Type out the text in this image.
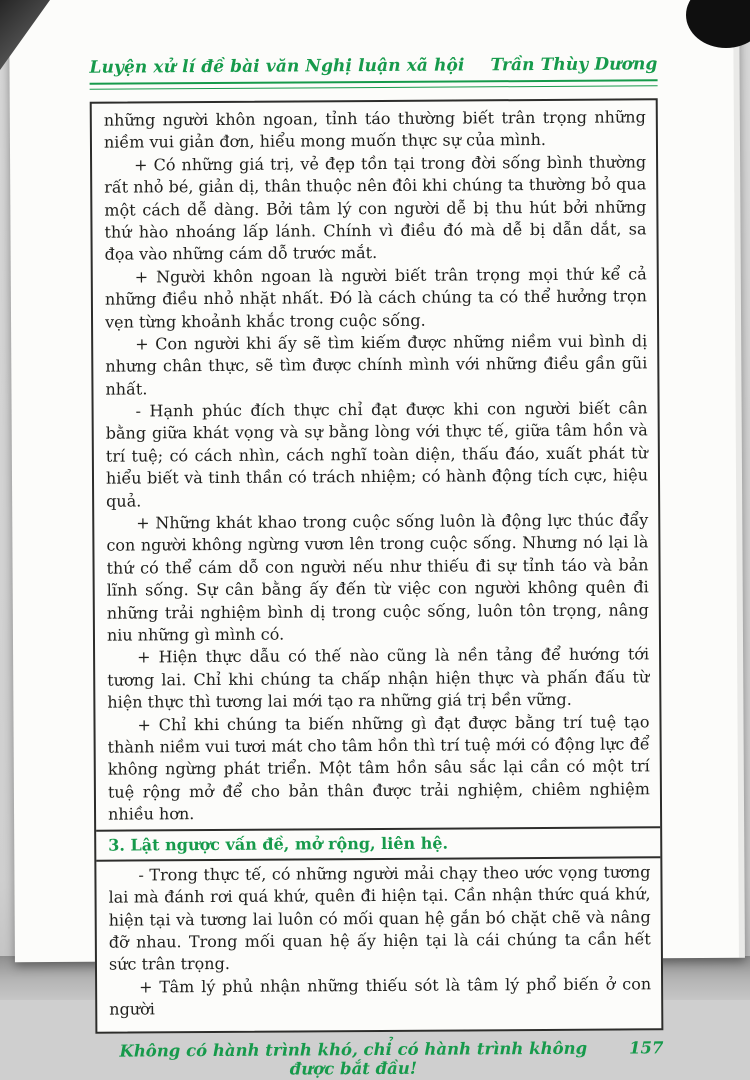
Luyện xử lí đề bài văn Nghị luận xã hội Trần Thùy Dương

những người khôn ngoan, tỉnh táo thường biết trân trọng những niềm vui giản đơn, hiểu mong muốn thực sự của mình.

+ Có những giá trị, vẻ đẹp tồn tại trong đời sống bình thường rất nhỏ bé, giản dị, thân thuộc nên đôi khi chúng ta thường bỏ qua một cách dễ dàng. Bởi tâm lý con người dễ bị thu hút bởi những thứ hào nhoáng lấp lánh. Chính vì điều đó mà dễ bị dẫn dắt, sa đọa vào những cám dỗ trước mắt.

+ Người khôn ngoan là người biết trân trọng mọi thứ kể cả những điều nhỏ nhặt nhất. Đó là cách chúng ta có thể hưởng trọn vẹn từng khoảnh khắc trong cuộc sống.

+ Con người khi ấy sẽ tìm kiếm được những niềm vui bình dị nhưng chân thực, sẽ tìm được chính mình với những điều gần gũi nhất.

- Hạnh phúc đích thực chỉ đạt được khi con người biết cân bằng giữa khát vọng và sự bằng lòng với thực tế, giữa tâm hồn và trí tuệ; có cách nhìn, cách nghĩ toàn diện, thấu đáo, xuất phát từ hiểu biết và tinh thần có trách nhiệm; có hành động tích cực, hiệu quả.

+ Những khát khao trong cuộc sống luôn là động lực thúc đẩy con người không ngừng vươn lên trong cuộc sống. Nhưng nó lại là thứ có thể cám dỗ con người nếu như thiếu đi sự tỉnh táo và bản lĩnh sống. Sự cân bằng ấy đến từ việc con người không quên đi những trải nghiệm bình dị trong cuộc sống, luôn tôn trọng, nâng niu những gì mình có.

+ Hiện thực dẫu có thế nào cũng là nền tảng để hướng tới tương lai. Chỉ khi chúng ta chấp nhận hiện thực và phấn đấu từ hiện thực thì tương lai mới tạo ra những giá trị bền vững.

+ Chỉ khi chúng ta biến những gì đạt được bằng trí tuệ tạo thành niềm vui tươi mát cho tâm hồn thì trí tuệ mới có động lực để không ngừng phát triển. Một tâm hồn sâu sắc lại cần có một trí tuệ rộng mở để cho bản thân được trải nghiệm, chiêm nghiệm nhiều hơn.

3. Lật ngược vấn đề, mở rộng, liên hệ.

- Trong thực tế, có những người mải chạy theo ước vọng tương lai mà đánh rơi quá khứ, quên đi hiện tại. Cần nhận thức quá khứ, hiện tại và tương lai luôn có mối quan hệ gắn bó chặt chẽ và nâng đỡ nhau. Trong mối quan hệ ấy hiện tại là cái chúng ta cần hết sức trân trọng.

+ Tâm lý phủ nhận những thiếu sót là tâm lý phổ biến ở con người

Không có hành trình khó, chỉ có hành trình không được bắt đầu!
157
